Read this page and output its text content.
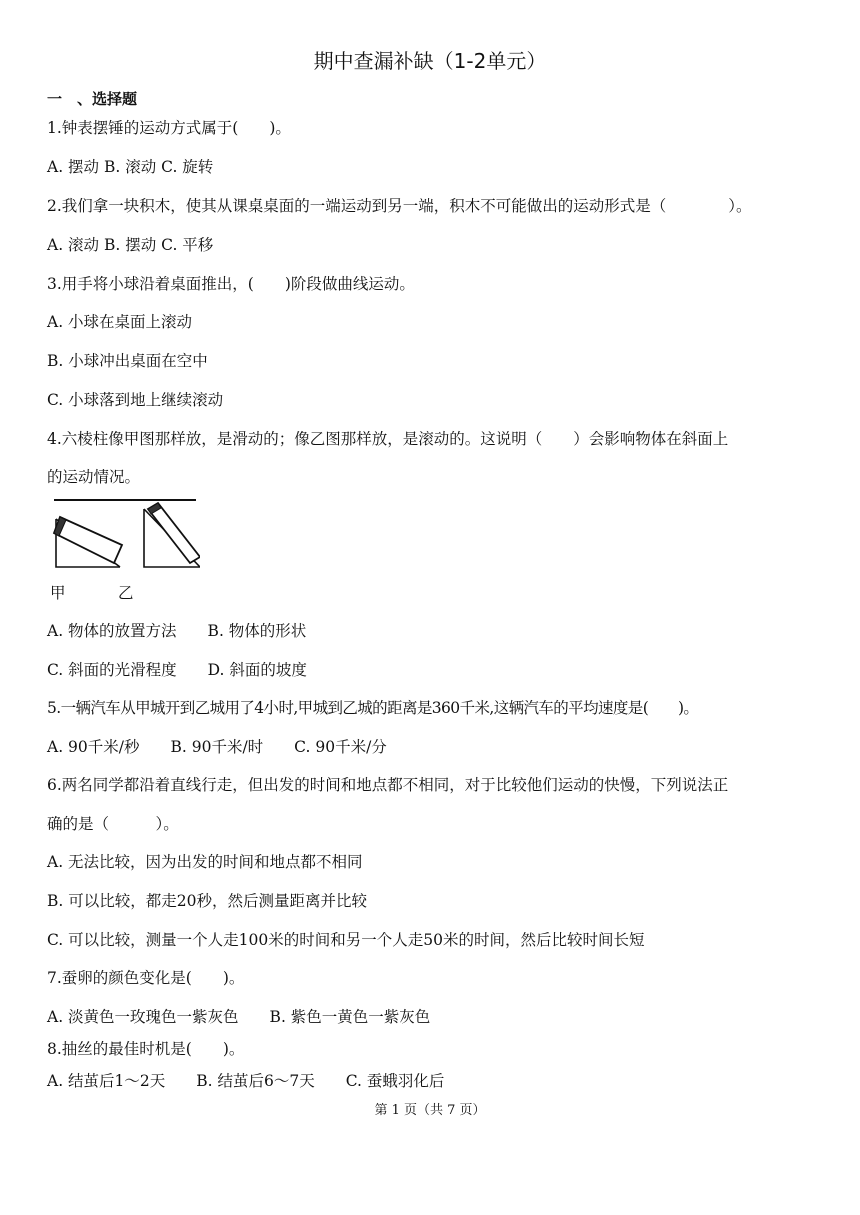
期中查漏补缺（1-2单元）
一　、选择题
1.钟表摆锤的运动方式属于(　　)。
A. 摆动 B. 滚动 C. 旋转
2.我们拿一块积木，使其从课桌桌面的一端运动到另一端，积木不可能做出的运动形式是（　　　　）。
A. 滚动 B. 摆动 C. 平移
3.用手将小球沿着桌面推出，(　　)阶段做曲线运动。
A. 小球在桌面上滚动
B. 小球冲出桌面在空中
C. 小球落到地上继续滚动
4.六棱柱像甲图那样放，是滑动的；像乙图那样放，是滚动的。这说明（　　）会影响物体在斜面上
的运动情况。
甲	乙
A. 物体的放置方法　　B. 物体的形状
C. 斜面的光滑程度　　D. 斜面的坡度
5.一辆汽车从甲城开到乙城用了4小时,甲城到乙城的距离是360千米,这辆汽车的平均速度是(　　)。
A. 90千米/秒　　B. 90千米/时　　C. 90千米/分
6.两名同学都沿着直线行走，但出发的时间和地点都不相同，对于比较他们运动的快慢，下列说法正
确的是（　　　）。
A. 无法比较，因为出发的时间和地点都不相同
B. 可以比较，都走20秒，然后测量距离并比较
C. 可以比较，测量一个人走100米的时间和另一个人走50米的时间，然后比较时间长短
7.蚕卵的颜色变化是(　　)。
A. 淡黄色一玫瑰色一紫灰色　　B. 紫色一黄色一紫灰色
8.抽丝的最佳时机是(　　)。
A. 结茧后1～2天　　B. 结茧后6～7天　　C. 蚕蛾羽化后
第 1 页（共 7 页）
